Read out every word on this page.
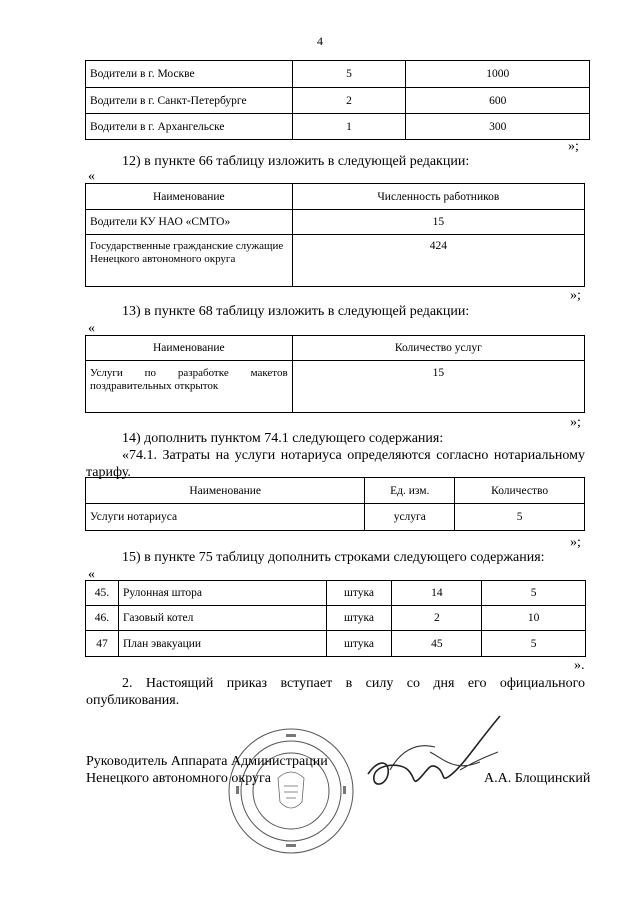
4
Водители в г. Москве	5	1000
Водители в г. Санкт-Петербурге	2	600
Водители в г. Архангельске	1	300
»;
12) в пункте 66 таблицу изложить в следующей редакции:
«
Наименование	Численность работников
Водители КУ НАО «СМТО»	15
Государственные гражданские служащие Ненецкого автономного округа	424
»;
13) в пункте 68 таблицу изложить в следующей редакции:
«
Наименование	Количество услуг
Услуги по разработке макетов поздравительных открыток	15
»;
14) дополнить пунктом 74.1 следующего содержания:
«74.1. Затраты на услуги нотариуса определяются согласно нотариальному
тарифу.
Наименование	Ед. изм.	Количество
Услуги нотариуса	услуга	5
»;
15) в пункте 75 таблицу дополнить строками следующего содержания:
«
45.	Рулонная штора	штука	14	5
46.	Газовый котел	штука	2	10
47	План эвакуации	штука	45	5
».
2. Настоящий приказ вступает в силу со дня его официального
опубликования.
Руководитель Аппарата Администрации
Ненецкого автономного округа	А.А. Блощинский
